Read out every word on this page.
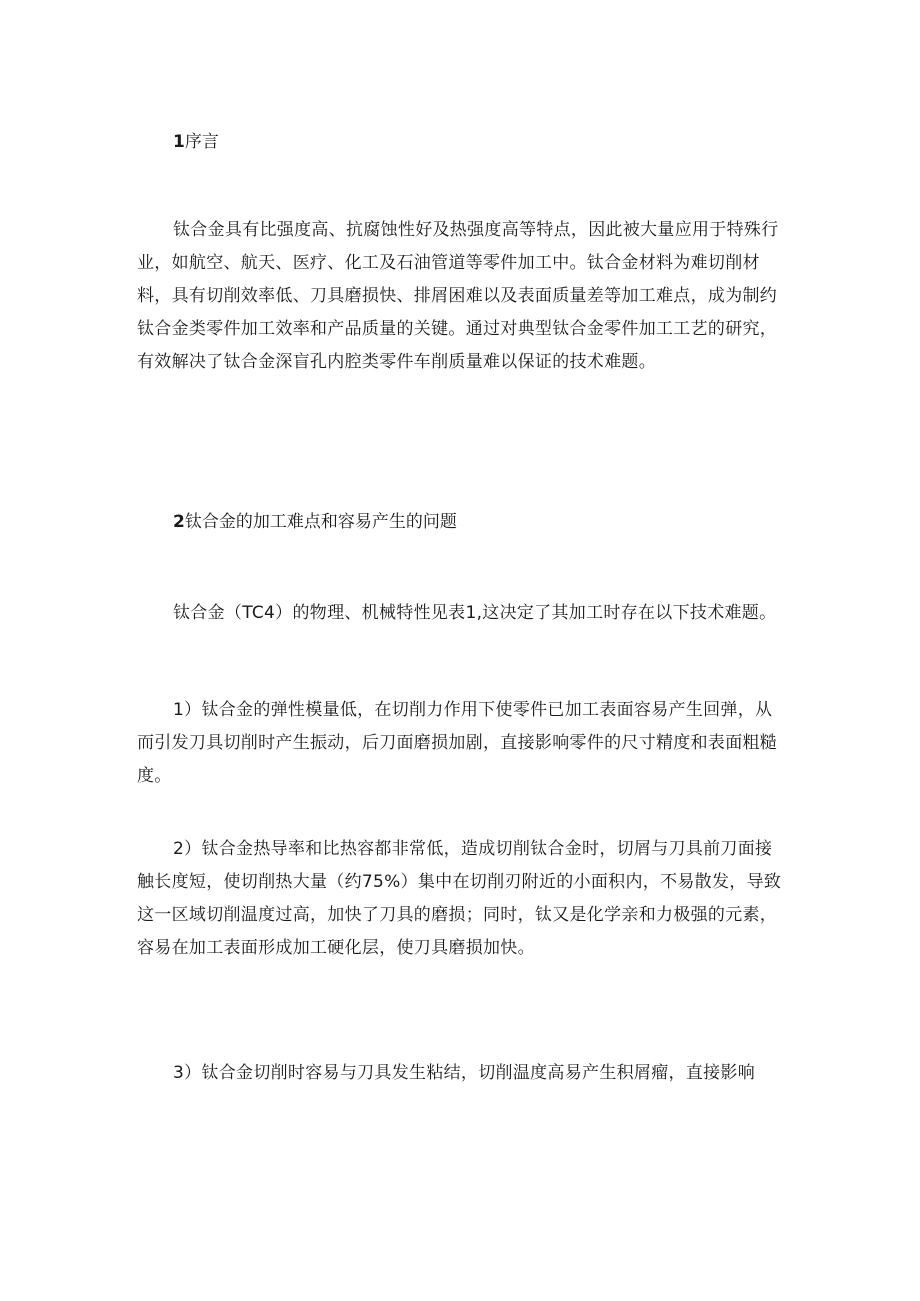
1序言

钛合金具有比强度高、抗腐蚀性好及热强度高等特点，因此被大量应用于特殊行业，如航空、航天、医疗、化工及石油管道等零件加工中。钛合金材料为难切削材料，具有切削效率低、刀具磨损快、排屑困难以及表面质量差等加工难点，成为制约钛合金类零件加工效率和产品质量的关键。通过对典型钛合金零件加工工艺的研究，有效解决了钛合金深盲孔内腔类零件车削质量难以保证的技术难题。

2钛合金的加工难点和容易产生的问题

钛合金（TC4）的物理、机械特性见表1,这决定了其加工时存在以下技术难题。

1）钛合金的弹性模量低，在切削力作用下使零件已加工表面容易产生回弹，从而引发刀具切削时产生振动，后刀面磨损加剧，直接影响零件的尺寸精度和表面粗糙度。

2）钛合金热导率和比热容都非常低，造成切削钛合金时，切屑与刀具前刀面接触长度短，使切削热大量（约75%）集中在切削刃附近的小面积内，不易散发，导致这一区域切削温度过高，加快了刀具的磨损；同时，钛又是化学亲和力极强的元素，容易在加工表面形成加工硬化层，使刀具磨损加快。

3）钛合金切削时容易与刀具发生粘结，切削温度高易产生积屑瘤，直接影响
